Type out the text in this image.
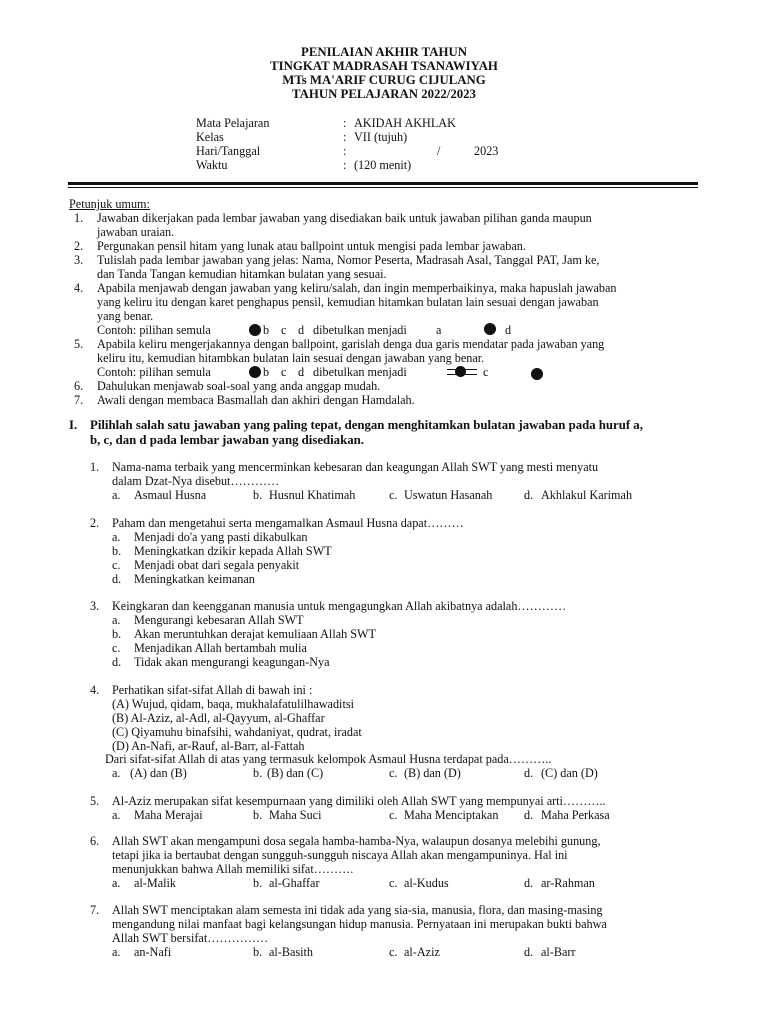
PENILAIAN AKHIR TAHUN
TINGKAT MADRASAH TSANAWIYAH
MTs MA'ARIF CURUG CIJULANG
TAHUN PELAJARAN 2022/2023
Mata Pelajaran	: AKIDAH AKHLAK
Kelas	: VII (tujuh)
Hari/Tanggal	:	/	2023
Waktu	: (120 menit)
Petunjuk umum:
1. Jawaban dikerjakan pada lembar jawaban yang disediakan baik untuk jawaban pilihan ganda maupun
jawaban uraian.
2. Pergunakan pensil hitam yang lunak atau ballpoint untuk mengisi pada lembar jawaban.
3. Tulislah pada lembar jawaban yang jelas: Nama, Nomor Peserta, Madrasah Asal, Tanggal PAT, Jam ke,
dan Tanda Tangan kemudian hitamkan bulatan yang sesuai.
4. Apabila menjawab dengan jawaban yang keliru/salah, dan ingin memperbaikinya, maka hapuslah jawaban
yang keliru itu dengan karet penghapus pensil, kemudian hitamkan bulatan lain sesuai dengan jawaban
yang benar.
Contoh: pilihan semula	b c d dibetulkan menjadi a	d
5. Apabila keliru mengerjakannya dengan ballpoint, garislah denga dua garis mendatar pada jawaban yang
keliru itu, kemudian hitambkan bulatan lain sesuai dengan jawaban yang benar.
Contoh: pilihan semula	b c d dibetulkan menjadi	c
6. Dahulukan menjawab soal-soal yang anda anggap mudah.
7. Awali dengan membaca Basmallah dan akhiri dengan Hamdalah.
I. Pilihlah salah satu jawaban yang paling tepat, dengan menghitamkan bulatan jawaban pada huruf a,
b, c, dan d pada lembar jawaban yang disediakan.
1. Nama-nama terbaik yang mencerminkan kebesaran dan keagungan Allah SWT yang mesti menyatu
dalam Dzat-Nya disebut…………
a. Asmaul Husna	b. Husnul Khatimah	c. Uswatun Hasanah	d. Akhlakul Karimah
2. Paham dan mengetahui serta mengamalkan Asmaul Husna dapat………
a. Menjadi do'a yang pasti dikabulkan
b. Meningkatkan dzikir kepada Allah SWT
c. Menjadi obat dari segala penyakit
d. Meningkatkan keimanan
3. Keingkaran dan keengganan manusia untuk mengagungkan Allah akibatnya adalah…………
a. Mengurangi kebesaran Allah SWT
b. Akan meruntuhkan derajat kemuliaan Allah SWT
c. Menjadikan Allah bertambah mulia
d. Tidak akan mengurangi keagungan-Nya
4. Perhatikan sifat-sifat Allah di bawah ini :
(A) Wujud, qidam, baqa, mukhalafatulilhawaditsi
(B) Al-Aziz, al-Adl, al-Qayyum, al-Ghaffar
(C) Qiyamuhu binafsihi, wahdaniyat, qudrat, iradat
(D) An-Nafi, ar-Rauf, al-Barr, al-Fattah
Dari sifat-sifat Allah di atas yang termasuk kelompok Asmaul Husna terdapat pada………..
a. (A) dan (B)	b. (B) dan (C)	c. (B) dan (D)	d. (C) dan (D)
5. Al-Aziz merupakan sifat kesempurnaan yang dimiliki oleh Allah SWT yang mempunyai arti………..
a. Maha Merajai	b. Maha Suci	c. Maha Menciptakan d. Maha Perkasa
6. Allah SWT akan mengampuni dosa segala hamba-hamba-Nya, walaupun dosanya melebihi gunung,
tetapi jika ia bertaubat dengan sungguh-sungguh niscaya Allah akan mengampuninya. Hal ini
menunjukkan bahwa Allah memiliki sifat……….
a. al-Malik	b. al-Ghaffar	c. al-Kudus	d. ar-Rahman
7. Allah SWT menciptakan alam semesta ini tidak ada yang sia-sia, manusia, flora, dan masing-masing
mengandung nilai manfaat bagi kelangsungan hidup manusia. Pernyataan ini merupakan bukti bahwa
Allah SWT bersifat……………
a. an-Nafi	b. al-Basith	c. al-Aziz	d. al-Barr
